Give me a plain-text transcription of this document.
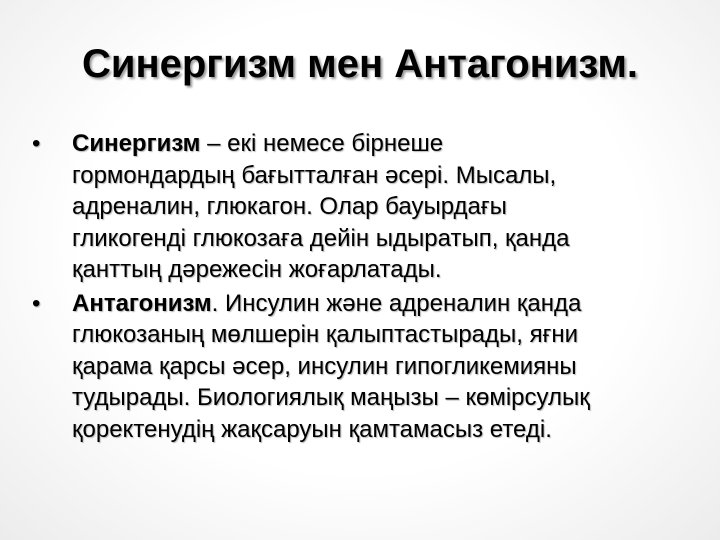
Синергизм мен Антагонизм.
•	Синергизм – екі немесе бірнеше
гормондардың бағытталған әсері. Мысалы,
адреналин, глюкагон. Олар бауырдағы
гликогенді глюкозаға дейін ыдыратып, қанда
қанттың дәрежесін жоғарлатады.
•	Антагонизм. Инсулин және адреналин қанда
глюкозаның мөлшерін қалыптастырады, яғни
қарама қарсы әсер, инсулин гипогликемияны
тудырады. Биологиялық маңызы – көмірсулық
қоректенудің жақсаруын қамтамасыз етеді.
